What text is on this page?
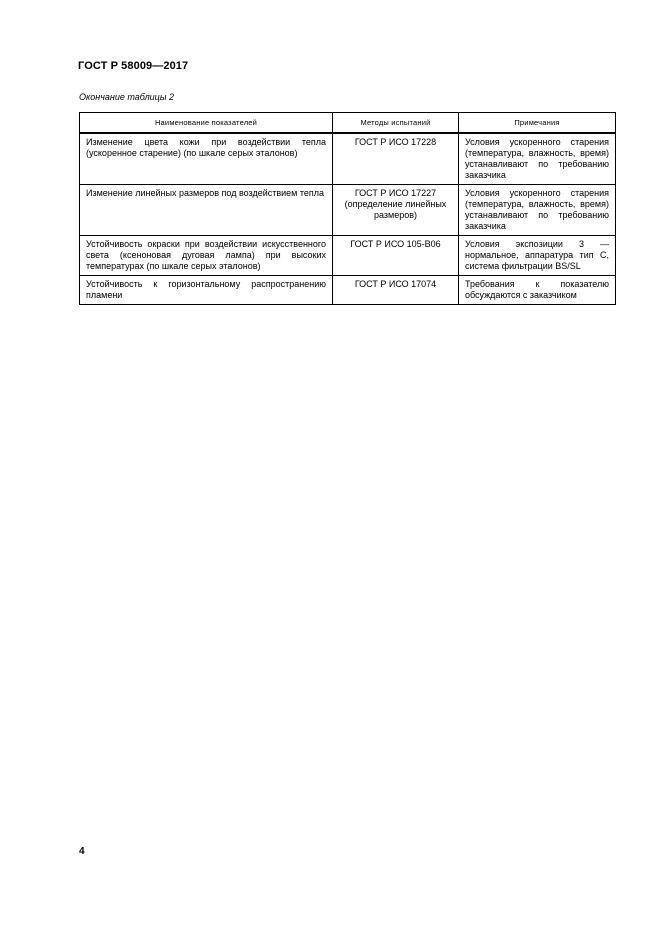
ГОСТ Р 58009—2017
Окончание таблицы 2
Наименование показателей	Методы испытаний	Примечания
Изменение цвета кожи при воздействии тепла (ускоренное старение) (по шкале серых эталонов)	ГОСТ Р ИСО 17228	Условия ускоренного старения (температура, влажность, время) устанавливают по требованию заказчика
Изменение линейных размеров под воздействием тепла	ГОСТ Р ИСО 17227 (определение линейных размеров)	Условия ускоренного старения (температура, влажность, время) устанавливают по требованию заказчика
Устойчивость окраски при воздействии искусственного света (ксеноновая дуговая лампа) при высоких температурах (по шкале серых эталонов)	ГОСТ Р ИСО 105-В06	Условия экспозиции 3 — нормальное, аппаратура тип С, система фильтрации BS/SL
Устойчивость к горизонтальному распространению пламени	ГОСТ Р ИСО 17074	Требования к показателю обсуждаются с заказчиком
4
